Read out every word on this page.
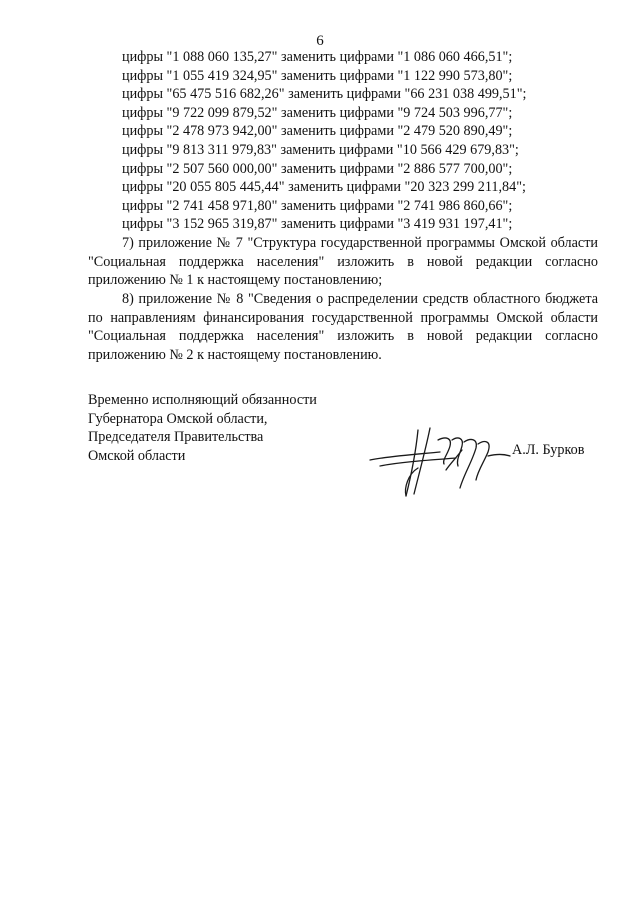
6
цифры "1 088 060 135,27" заменить цифрами "1 086 060 466,51";
цифры "1 055 419 324,95" заменить цифрами "1 122 990 573,80";
цифры "65 475 516 682,26" заменить цифрами "66 231 038 499,51";
цифры "9 722 099 879,52" заменить цифрами "9 724 503 996,77";
цифры "2 478 973 942,00" заменить цифрами "2 479 520 890,49";
цифры "9 813 311 979,83" заменить цифрами "10 566 429 679,83";
цифры "2 507 560 000,00" заменить цифрами "2 886 577 700,00";
цифры "20 055 805 445,44" заменить цифрами "20 323 299 211,84";
цифры "2 741 458 971,80" заменить цифрами "2 741 986 860,66";
цифры "3 152 965 319,87" заменить цифрами "3 419 931 197,41";
7) приложение № 7 "Структура государственной программы Омской области "Социальная поддержка населения" изложить в новой редакции согласно приложению № 1 к настоящему постановлению;
8) приложение № 8 "Сведения о распределении средств областного бюджета по направлениям финансирования государственной программы Омской области "Социальная поддержка населения" изложить в новой редакции согласно приложению № 2 к настоящему постановлению.
Временно исполняющий обязанности
Губернатора Омской области,
Председателя Правительства
Омской области	А.Л. Бурков
